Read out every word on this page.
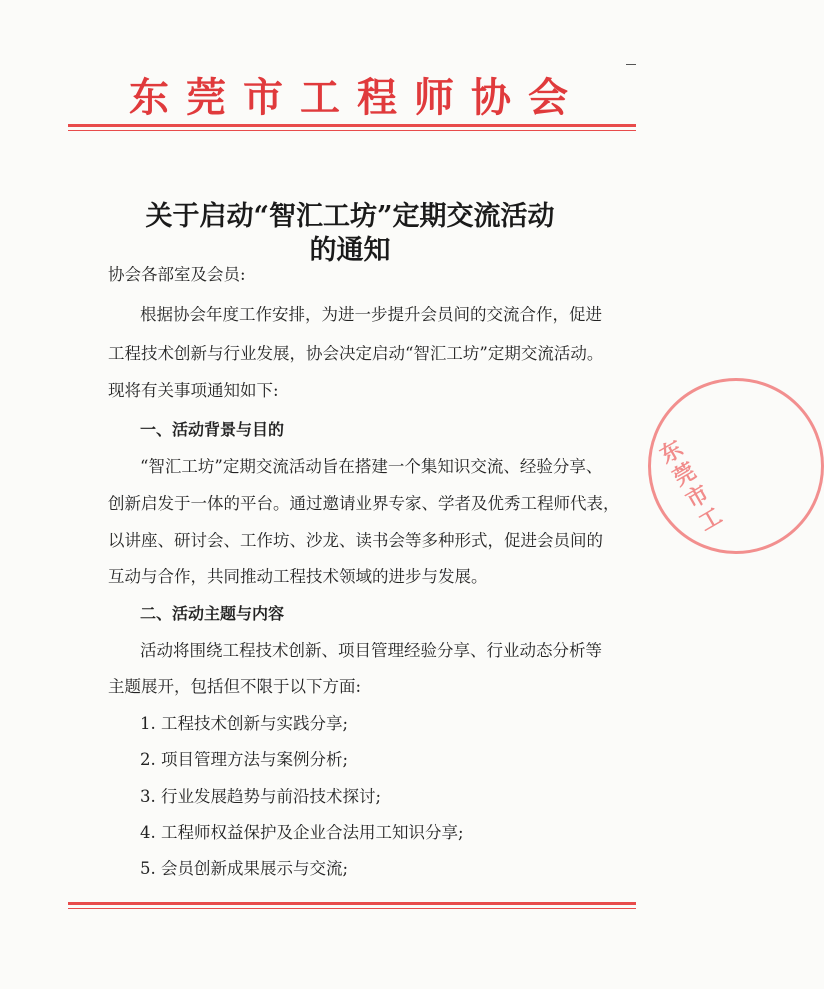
东莞市工程师协会
关于启动“智汇工坊”定期交流活动
的通知
协会各部室及会员:
根据协会年度工作安排，为进一步提升会员间的交流合作，促进
工程技术创新与行业发展，协会决定启动“智汇工坊”定期交流活动。
现将有关事项通知如下:
一、活动背景与目的
“智汇工坊”定期交流活动旨在搭建一个集知识交流、经验分享、
创新启发于一体的平台。通过邀请业界专家、学者及优秀工程师代表，
以讲座、研讨会、工作坊、沙龙、读书会等多种形式，促进会员间的
互动与合作，共同推动工程技术领域的进步与发展。
二、活动主题与内容
活动将围绕工程技术创新、项目管理经验分享、行业动态分析等
主题展开，包括但不限于以下方面:
1. 工程技术创新与实践分享;
2. 项目管理方法与案例分析;
3. 行业发展趋势与前沿技术探讨;
4. 工程师权益保护及企业合法用工知识分享;
5. 会员创新成果展示与交流;
东莞市工
